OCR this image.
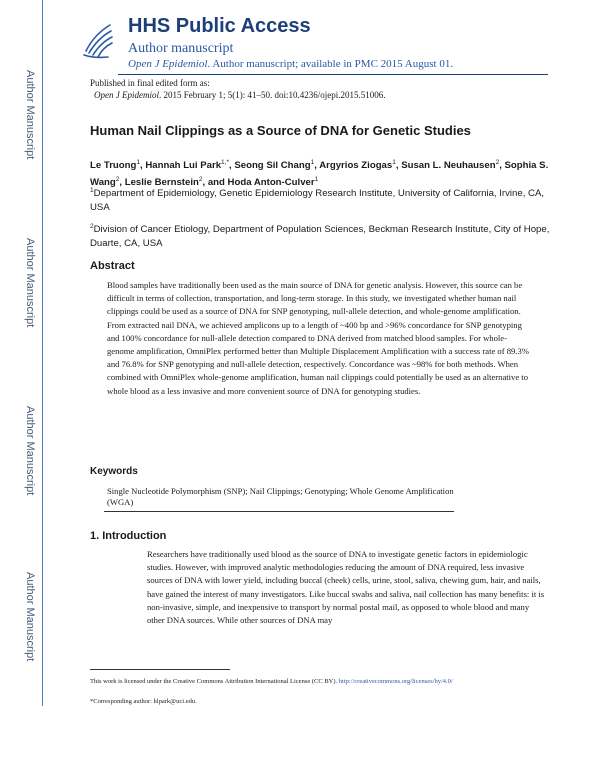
Author Manuscript
Author Manuscript
Author Manuscript
Author Manuscript
HHS Public Access
Author manuscript
Open J Epidemiol. Author manuscript; available in PMC 2015 August 01.
Published in final edited form as:
Open J Epidemiol. 2015 February 1; 5(1): 41–50. doi:10.4236/ojepi.2015.51006.
Human Nail Clippings as a Source of DNA for Genetic Studies
Le Truong$^1$, Hannah Lui Park$^{1,*}$, Seong Sil Chang$^1$, Argyrios Ziogas$^1$, Susan L. Neuhausen$^2$, Sophia S. Wang$^2$, Leslie Bernstein$^2$, and Hoda Anton-Culver$^1$
$^1$Department of Epidemiology, Genetic Epidemiology Research Institute, University of California, Irvine, CA, USA
$^2$Division of Cancer Etiology, Department of Population Sciences, Beckman Research Institute, City of Hope, Duarte, CA, USA
Abstract

Blood samples have traditionally been used as the main source of DNA for genetic analysis. However, this source can be difficult in terms of collection, transportation, and long-term storage. In this study, we investigated whether human nail clippings could be used as a source of DNA for SNP genotyping, null-allele detection, and whole-genome amplification. From extracted nail DNA, we achieved amplicons up to a length of ~400 bp and >96% concordance for SNP genotyping and 100% concordance for null-allele detection compared to DNA derived from matched blood samples. For whole-genome amplification, OmniPlex performed better than Multiple Displacement Amplification with a success rate of 89.3% and 76.8% for SNP genotyping and null-allele detection, respectively. Concordance was ~98% for both methods. When combined with OmniPlex whole-genome amplification, human nail clippings could potentially be used as an alternative to whole blood as a less invasive and more convenient source of DNA for genotyping studies.

Keywords

Single Nucleotide Polymorphism (SNP); Nail Clippings; Genotyping; Whole Genome Amplification (WGA)

1. Introduction

Researchers have traditionally used blood as the source of DNA to investigate genetic factors in epidemiologic studies. However, with improved analytic methodologies reducing the amount of DNA required, less invasive sources of DNA with lower yield, including buccal (cheek) cells, urine, stool, saliva, chewing gum, hair, and nails, have gained the interest of many investigators. Like buccal swabs and saliva, nail collection has many benefits: it is non-invasive, simple, and inexpensive to transport by normal postal mail, as opposed to whole blood and many other DNA sources. While other sources of DNA may

This work is licensed under the Creative Commons Attribution International License (CC BY). http://creativecommons.org/licenses/by/4.0/

*Corresponding author: hlpark@uci.edu.
